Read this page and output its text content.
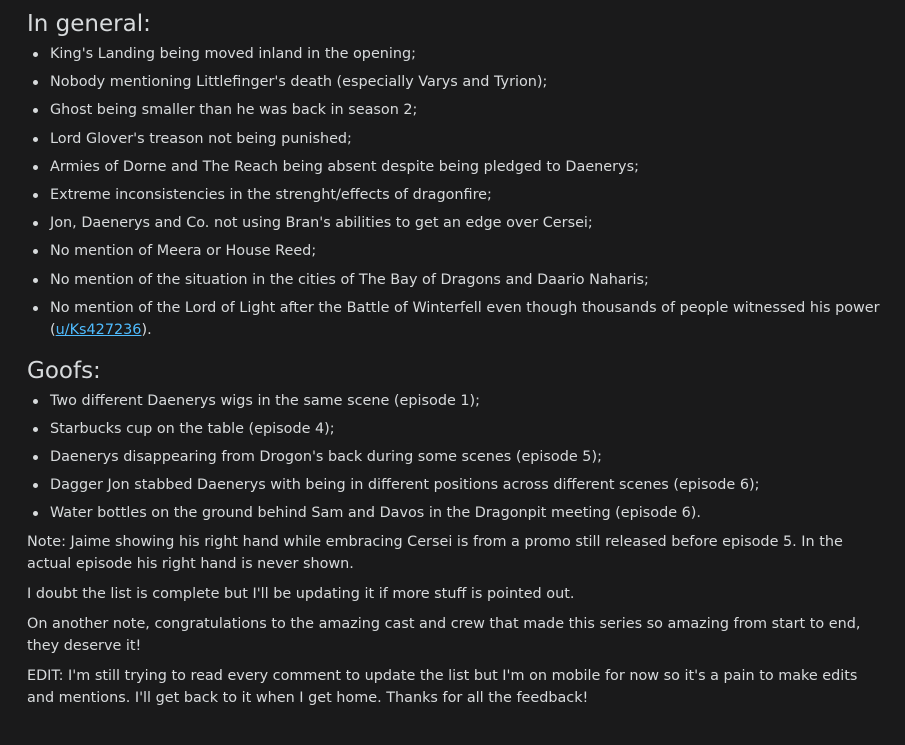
In general:
King's Landing being moved inland in the opening;
Nobody mentioning Littlefinger's death (especially Varys and Tyrion);
Ghost being smaller than he was back in season 2;
Lord Glover's treason not being punished;
Armies of Dorne and The Reach being absent despite being pledged to Daenerys;
Extreme inconsistencies in the strenght/effects of dragonfire;
Jon, Daenerys and Co. not using Bran's abilities to get an edge over Cersei;
No mention of Meera or House Reed;
No mention of the situation in the cities of The Bay of Dragons and Daario Naharis;
No mention of the Lord of Light after the Battle of Winterfell even though thousands of people witnessed his power (u/Ks427236).
Goofs:
Two different Daenerys wigs in the same scene (episode 1);
Starbucks cup on the table (episode 4);
Daenerys disappearing from Drogon's back during some scenes (episode 5);
Dagger Jon stabbed Daenerys with being in different positions across different scenes (episode 6);
Water bottles on the ground behind Sam and Davos in the Dragonpit meeting (episode 6).

Note: Jaime showing his right hand while embracing Cersei is from a promo still released before episode 5. In the actual episode his right hand is never shown.

I doubt the list is complete but I'll be updating it if more stuff is pointed out.

On another note, congratulations to the amazing cast and crew that made this series so amazing from start to end, they deserve it!

EDIT: I'm still trying to read every comment to update the list but I'm on mobile for now so it's a pain to make edits and mentions. I'll get back to it when I get home. Thanks for all the feedback!
